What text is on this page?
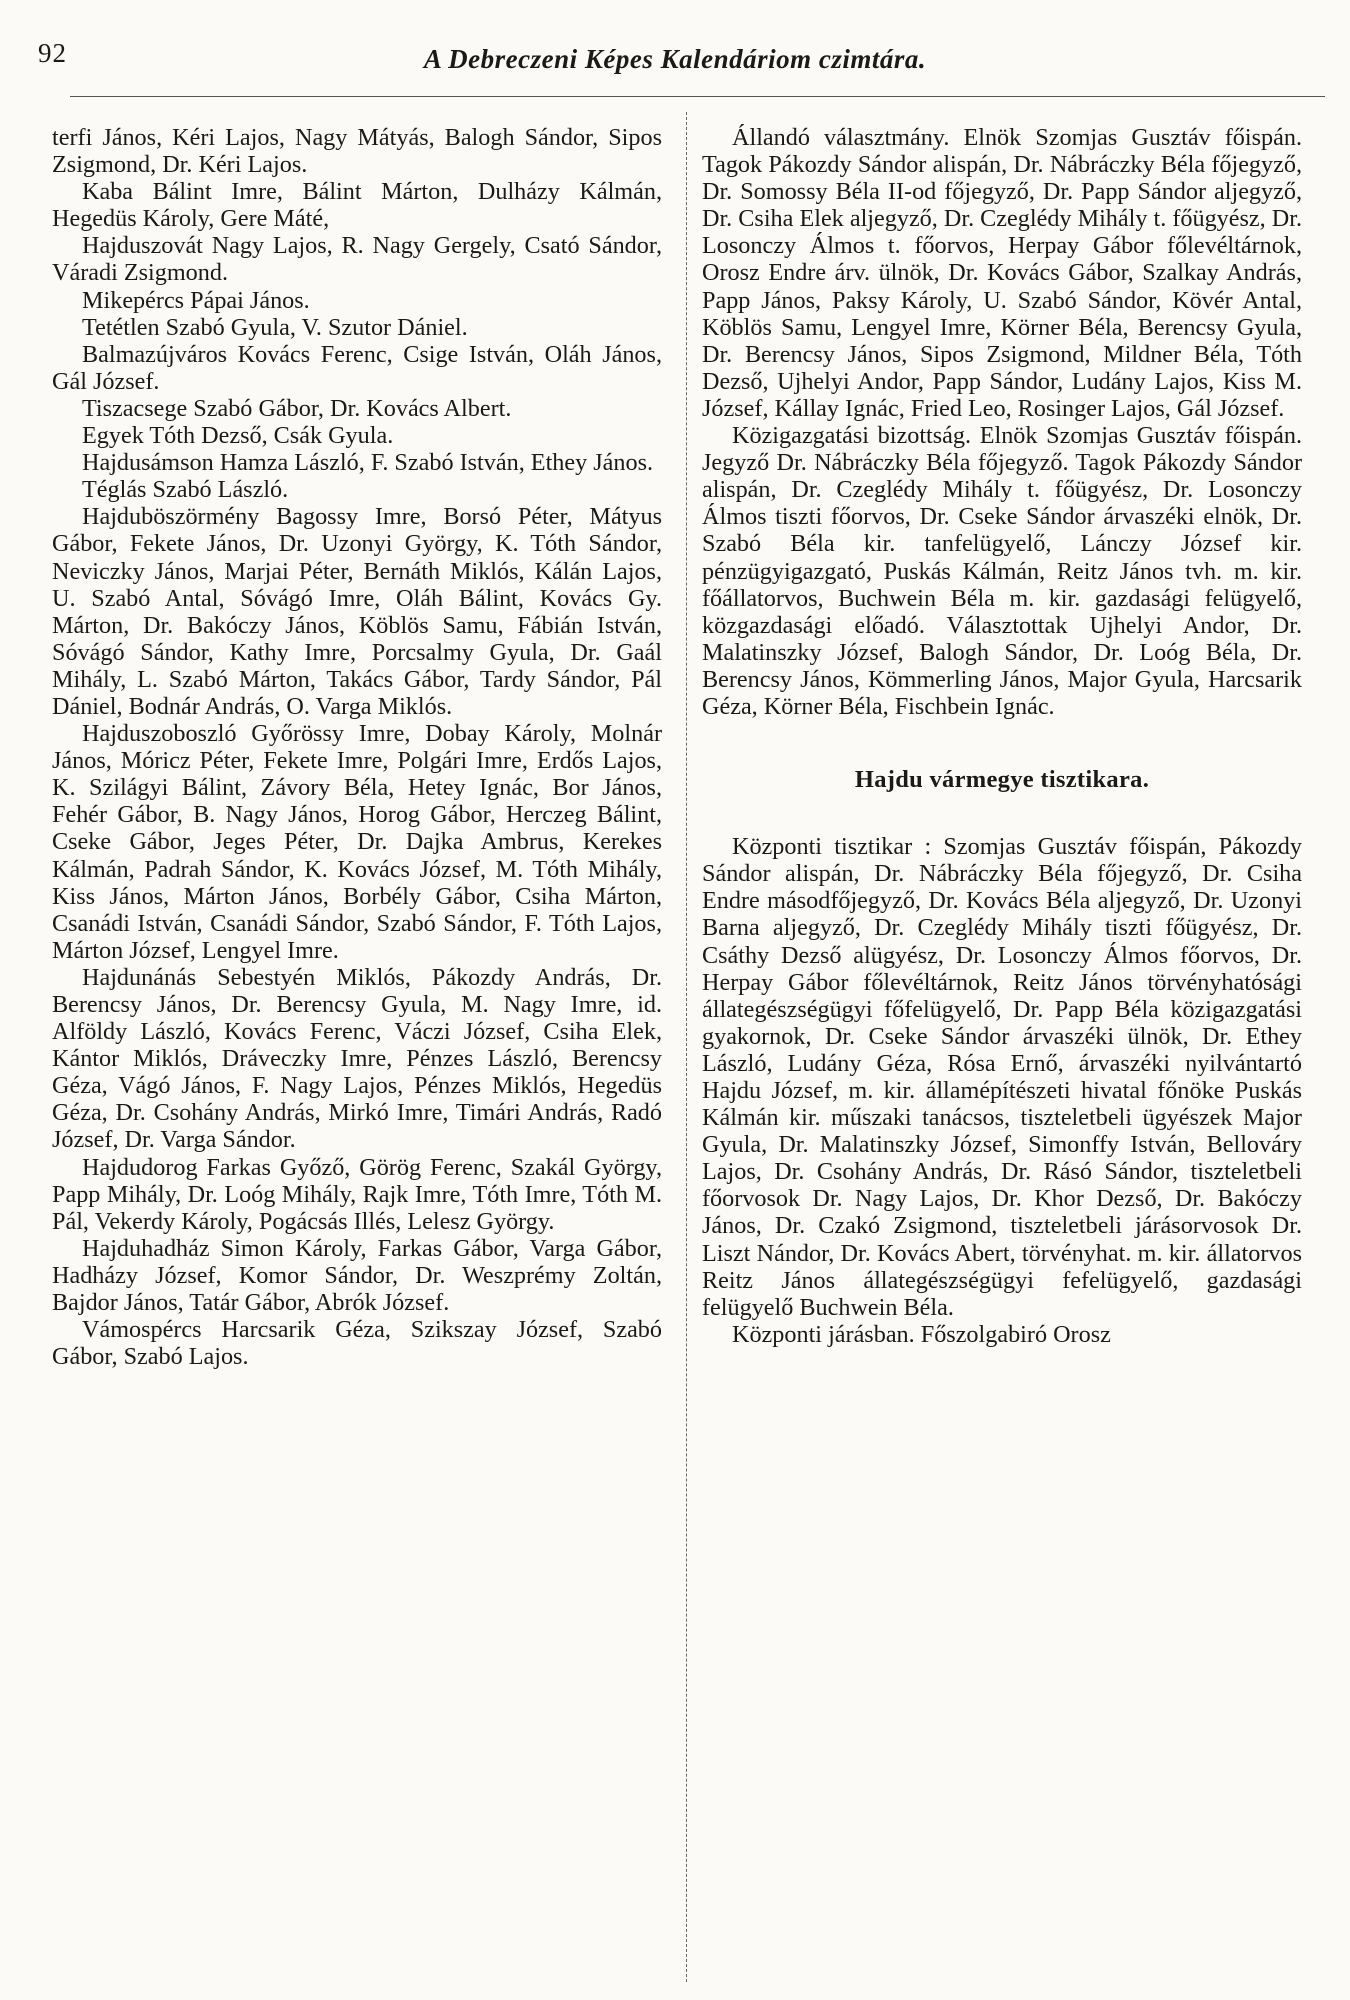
92	A Debreczeni Képes Kalendáriom czimtára.

terfi János, Kéri Lajos, Nagy Mátyás, Balogh Sándor, Sipos Zsigmond, Dr. Kéri Lajos.

Kaba Bálint Imre, Bálint Márton, Dulházy Kálmán, Hegedüs Károly, Gere Máté,

Hajduszovát Nagy Lajos, R. Nagy Gergely, Csató Sándor, Váradi Zsigmond.

Mikepércs Pápai János.

Tetétlen Szabó Gyula, V. Szutor Dániel.

Balmazújváros Kovács Ferenc, Csige István, Oláh János, Gál József.

Tiszacsege Szabó Gábor, Dr. Kovács Albert.

Egyek Tóth Dezső, Csák Gyula.

Hajdusámson Hamza László, F. Szabó István, Ethey János.

Téglás Szabó László.

Hajduböszörmény Bagossy Imre, Borsó Péter, Mátyus Gábor, Fekete János, Dr. Uzonyi György, K. Tóth Sándor, Neviczky János, Marjai Péter, Bernáth Miklós, Kálán Lajos, U. Szabó Antal, Sóvágó Imre, Oláh Bálint, Kovács Gy. Márton, Dr. Bakóczy János, Köblös Samu, Fábián István, Sóvágó Sándor, Kathy Imre, Porcsalmy Gyula, Dr. Gaál Mihály, L. Szabó Márton, Takács Gábor, Tardy Sándor, Pál Dániel, Bodnár András, O. Varga Miklós.

Hajduszoboszló Győrössy Imre, Dobay Károly, Molnár János, Móricz Péter, Fekete Imre, Polgári Imre, Erdős Lajos, K. Szilágyi Bálint, Závory Béla, Hetey Ignác, Bor János, Fehér Gábor, B. Nagy János, Horog Gábor, Herczeg Bálint, Cseke Gábor, Jeges Péter, Dr. Dajka Ambrus, Kerekes Kálmán, Padrah Sándor, K. Kovács József, M. Tóth Mihály, Kiss János, Márton János, Borbély Gábor, Csiha Márton, Csanádi István, Csanádi Sándor, Szabó Sándor, F. Tóth Lajos, Márton József, Lengyel Imre.

Hajdunánás Sebestyén Miklós, Pákozdy András, Dr. Berencsy János, Dr. Berencsy Gyula, M. Nagy Imre, id. Alföldy László, Kovács Ferenc, Váczi József, Csiha Elek, Kántor Miklós, Dráveczky Imre, Pénzes László, Berencsy Géza, Vágó János, F. Nagy Lajos, Pénzes Miklós, Hegedüs Géza, Dr. Csohány András, Mirkó Imre, Timári András, Radó József, Dr. Varga Sándor.

Hajdudorog Farkas Győző, Görög Ferenc, Szakál György, Papp Mihály, Dr. Loóg Mihály, Rajk Imre, Tóth Imre, Tóth M. Pál, Vekerdy Károly, Pogácsás Illés, Lelesz György.

Hajduhadház Simon Károly, Farkas Gábor, Varga Gábor, Hadházy József, Komor Sándor, Dr. Weszprémy Zoltán, Bajdor János, Tatár Gábor, Abrók József.

Vámospércs Harcsarik Géza, Szikszay József, Szabó Gábor, Szabó Lajos.

Állandó választmány. Elnök Szomjas Gusztáv főispán. Tagok Pákozdy Sándor alispán, Dr. Nábráczky Béla főjegyző, Dr. Somossy Béla II-od főjegyző, Dr. Papp Sándor aljegyző, Dr. Csiha Elek aljegyző, Dr. Czeglédy Mihály t. főügyész, Dr. Losonczy Álmos t. főorvos, Herpay Gábor főlevéltárnok, Orosz Endre árv. ülnök, Dr. Kovács Gábor, Szalkay András, Papp János, Paksy Károly, U. Szabó Sándor, Kövér Antal, Köblös Samu, Lengyel Imre, Körner Béla, Berencsy Gyula, Dr. Berencsy János, Sipos Zsigmond, Mildner Béla, Tóth Dezső, Ujhelyi Andor, Papp Sándor, Ludány Lajos, Kiss M. József, Kállay Ignác, Fried Leo, Rosinger Lajos, Gál József.

Közigazgatási bizottság. Elnök Szomjas Gusztáv főispán. Jegyző Dr. Nábráczky Béla főjegyző. Tagok Pákozdy Sándor alispán, Dr. Czeglédy Mihály t. főügyész, Dr. Losonczy Álmos tiszti főorvos, Dr. Cseke Sándor árvaszéki elnök, Dr. Szabó Béla kir. tanfelügyelő, Lánczy József kir. pénzügyigazgató, Puskás Kálmán, Reitz János tvh. m. kir. főállatorvos, Buchwein Béla m. kir. gazdasági felügyelő, közgazdasági előadó. Választottak Ujhelyi Andor, Dr. Malatinszky József, Balogh Sándor, Dr. Loóg Béla, Dr. Berencsy János, Kömmerling János, Major Gyula, Harcsarik Géza, Körner Béla, Fischbein Ignác.

Hajdu vármegye tisztikara.

Központi tisztikar : Szomjas Gusztáv főispán, Pákozdy Sándor alispán, Dr. Nábráczky Béla főjegyző, Dr. Csiha Endre másodfőjegyző, Dr. Kovács Béla aljegyző, Dr. Uzonyi Barna aljegyző, Dr. Czeglédy Mihály tiszti főügyész, Dr. Csáthy Dezső alügyész, Dr. Losonczy Álmos főorvos, Dr. Herpay Gábor főlevéltárnok, Reitz János törvényhatósági állategészségügyi főfelügyelő, Dr. Papp Béla közigazgatási gyakornok, Dr. Cseke Sándor árvaszéki ülnök, Dr. Ethey László, Ludány Géza, Rósa Ernő, árvaszéki nyilvántartó Hajdu József, m. kir. államépítészeti hivatal főnöke Puskás Kálmán kir. műszaki tanácsos, tiszteletbeli ügyészek Major Gyula, Dr. Malatinszky József, Simonffy István, Bellováry Lajos, Dr. Csohány András, Dr. Rásó Sándor, tiszteletbeli főorvosok Dr. Nagy Lajos, Dr. Khor Dezső, Dr. Bakóczy János, Dr. Czakó Zsigmond, tiszteletbeli járásorvosok Dr. Liszt Nándor, Dr. Kovács Abert, törvényhat. m. kir. állatorvos Reitz János állategészségügyi fefelügyelő, gazdasági felügyelő Buchwein Béla.

Központi járásban. Főszolgabiró Orosz
